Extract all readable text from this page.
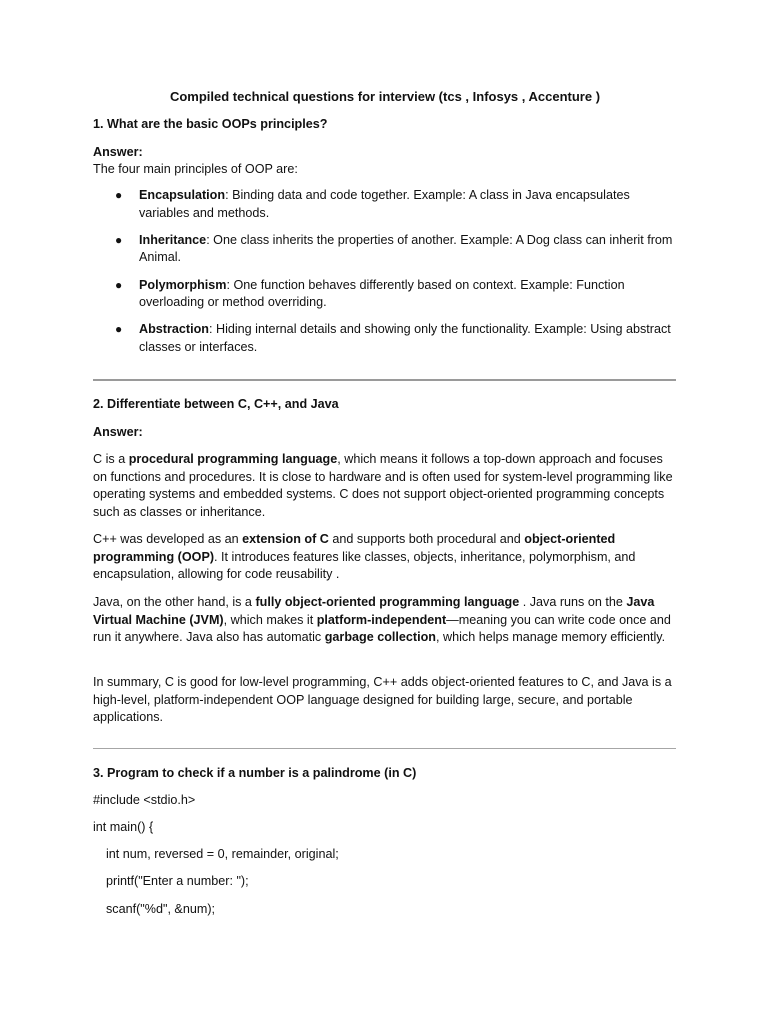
Compiled technical questions for interview (tcs , Infosys , Accenture )
1. What are the basic OOPs principles?
Answer:

The four main principles of OOP are:

● Encapsulation: Binding data and code together. Example: A class in Java encapsulates variables and methods.
● Inheritance: One class inherits the properties of another. Example: A Dog class can inherit from Animal.
● Polymorphism: One function behaves differently based on context. Example: Function overloading or method overriding.
● Abstraction: Hiding internal details and showing only the functionality. Example: Using abstract classes or interfaces.
2. Differentiate between C, C++, and Java
Answer:

C is a procedural programming language, which means it follows a top-down approach and focuses on functions and procedures. It is close to hardware and is often used for system-level programming like operating systems and embedded systems. C does not support object-oriented programming concepts such as classes or inheritance.

C++ was developed as an extension of C and supports both procedural and object-oriented programming (OOP). It introduces features like classes, objects, inheritance, polymorphism, and encapsulation, allowing for code reusability .

Java, on the other hand, is a fully object-oriented programming language . Java runs on the Java Virtual Machine (JVM), which makes it platform-independent—meaning you can write code once and run it anywhere. Java also has automatic garbage collection, which helps manage memory efficiently.

In summary, C is good for low-level programming, C++ adds object-oriented features to C, and Java is a high-level, platform-independent OOP language designed for building large, secure, and portable applications.

3. Program to check if a number is a palindrome (in C)
#include <stdio.h>
int main() {
int num, reversed = 0, remainder, original;
printf("Enter a number: ");
scanf("%d", &num);
